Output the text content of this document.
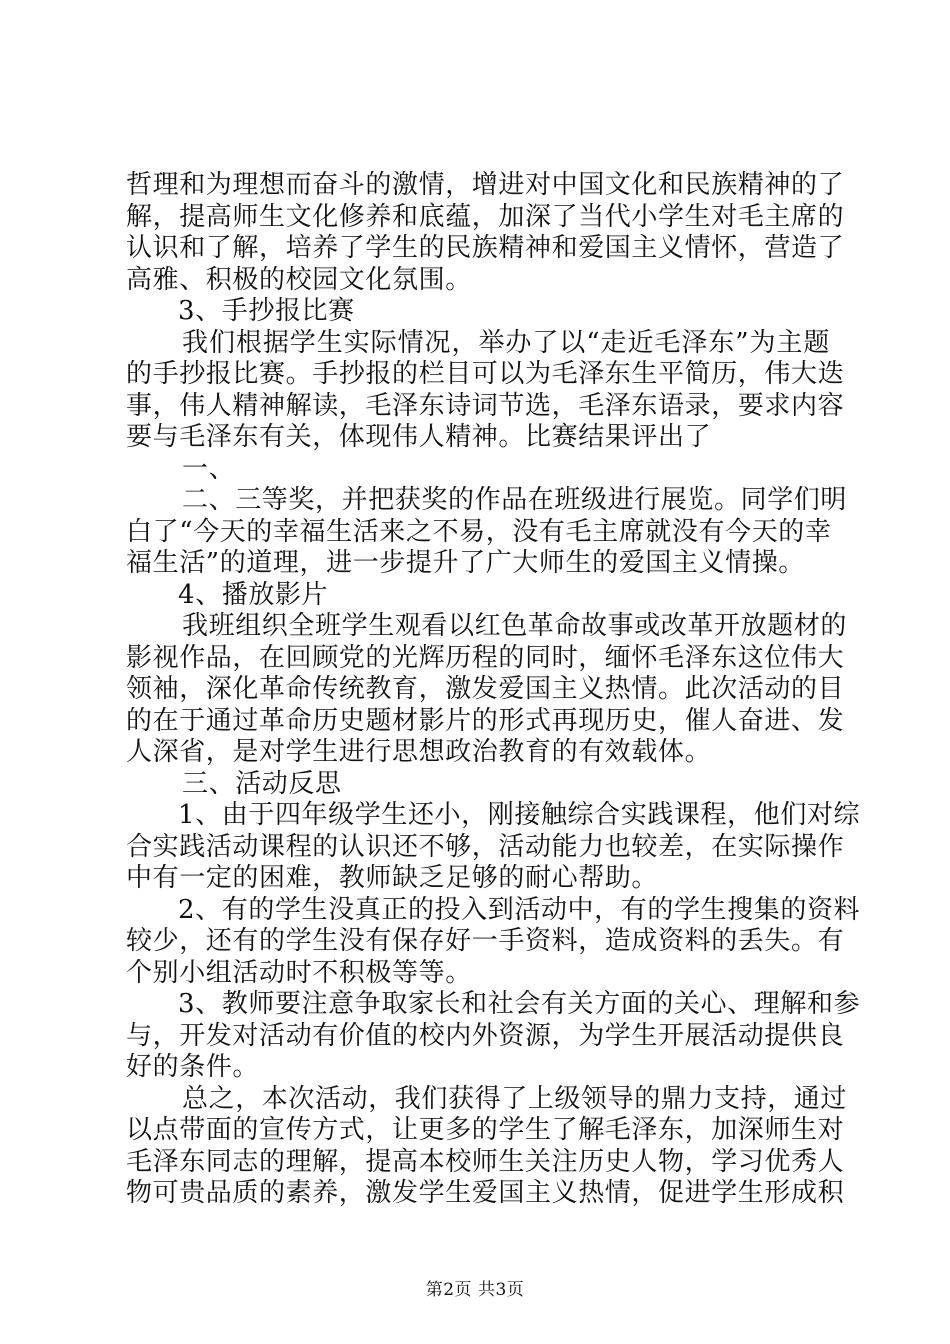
哲理和为理想而奋斗的激情，增进对中国文化和民族精神的了
解，提高师生文化修养和底蕴，加深了当代小学生对毛主席的
认识和了解，培养了学生的民族精神和爱国主义情怀，营造了
高雅、积极的校园文化氛围。
3、手抄报比赛
我们根据学生实际情况，举办了以“走近毛泽东”为主题
的手抄报比赛。手抄报的栏目可以为毛泽东生平简历，伟大迭
事，伟人精神解读，毛泽东诗词节选，毛泽东语录，要求内容
要与毛泽东有关，体现伟人精神。比赛结果评出了
一、
二、三等奖，并把获奖的作品在班级进行展览。同学们明
白了“今天的幸福生活来之不易，没有毛主席就没有今天的幸
福生活”的道理，进一步提升了广大师生的爱国主义情操。
4、播放影片
我班组织全班学生观看以红色革命故事或改革开放题材的
影视作品，在回顾党的光辉历程的同时，缅怀毛泽东这位伟大
领袖，深化革命传统教育，激发爱国主义热情。此次活动的目
的在于通过革命历史题材影片的形式再现历史，催人奋进、发
人深省，是对学生进行思想政治教育的有效载体。
三、活动反思
1、由于四年级学生还小，刚接触综合实践课程，他们对综
合实践活动课程的认识还不够，活动能力也较差，在实际操作
中有一定的困难，教师缺乏足够的耐心帮助。
2、有的学生没真正的投入到活动中，有的学生搜集的资料
较少，还有的学生没有保存好一手资料，造成资料的丢失。有
个别小组活动时不积极等等。
3、教师要注意争取家长和社会有关方面的关心、理解和参
与，开发对活动有价值的校内外资源，为学生开展活动提供良
好的条件。
总之，本次活动，我们获得了上级领导的鼎力支持，通过
以点带面的宣传方式，让更多的学生了解毛泽东，加深师生对
毛泽东同志的理解，提高本校师生关注历史人物，学习优秀人
物可贵品质的素养，激发学生爱国主义热情，促进学生形成积
第2页 共3页
